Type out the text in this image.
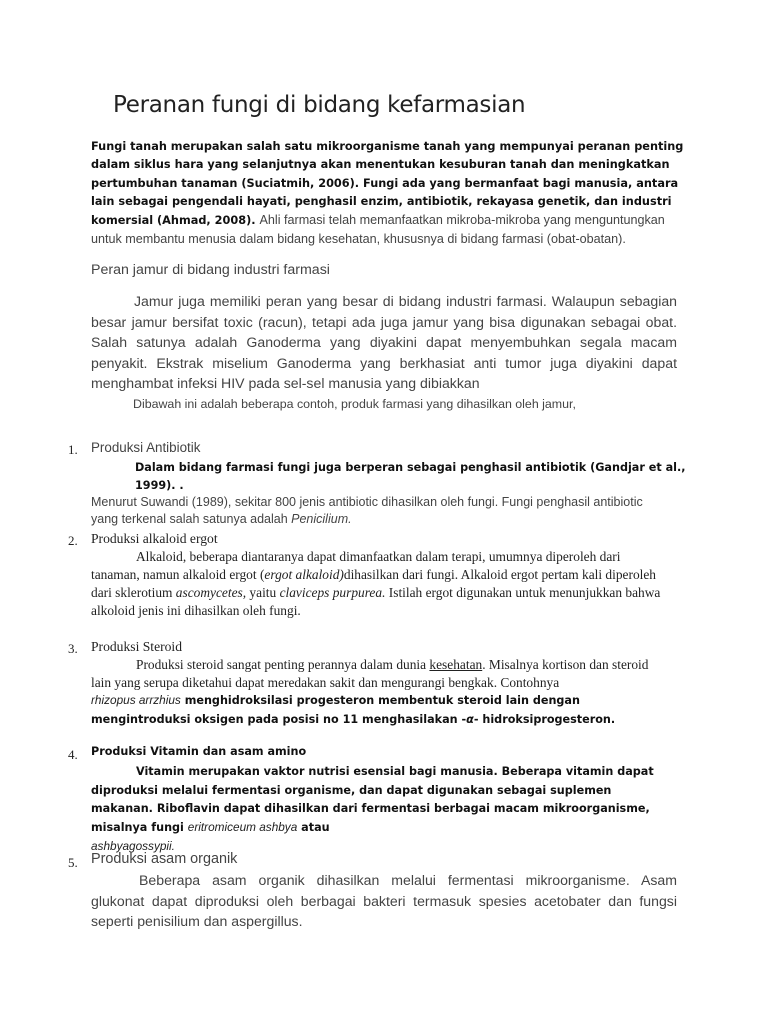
Peranan fungi di bidang kefarmasian
Fungi tanah merupakan salah satu mikroorganisme tanah yang mempunyai peranan penting dalam siklus hara yang selanjutnya akan menentukan kesuburan tanah dan meningkatkan pertumbuhan tanaman (Suciatmih, 2006). Fungi ada yang bermanfaat bagi manusia, antara lain sebagai pengendali hayati, penghasil enzim, antibiotik, rekayasa genetik, dan industri komersial (Ahmad, 2008). Ahli farmasi telah memanfaatkan mikroba-mikroba yang menguntungkan untuk membantu menusia dalam bidang kesehatan, khususnya di bidang farmasi (obat-obatan).
Peran jamur di bidang industri farmasi
Jamur juga memiliki peran yang besar di bidang industri farmasi. Walaupun sebagian besar jamur bersifat toxic (racun), tetapi ada juga jamur yang bisa digunakan sebagai obat. Salah satunya adalah Ganoderma yang diyakini dapat menyembuhkan segala macam penyakit. Ekstrak miselium Ganoderma yang berkhasiat anti tumor juga diyakini dapat menghambat infeksi HIV pada sel-sel manusia yang dibiakkan
Dibawah ini adalah beberapa contoh, produk farmasi yang dihasilkan oleh jamur,
1. Produksi Antibiotik
Dalam bidang farmasi fungi juga berperan sebagai penghasil antibiotik (Gandjar et al., 1999). .
Menurut Suwandi (1989), sekitar 800 jenis antibiotic dihasilkan oleh fungi. Fungi penghasil antibiotic yang terkenal salah satunya adalah Penicilium.
2. Produksi alkaloid ergot
Alkaloid, beberapa diantaranya dapat dimanfaatkan dalam terapi, umumnya diperoleh dari tanaman, namun alkaloid ergot (ergot alkaloid)dihasilkan dari fungi. Alkaloid ergot pertam kali diperoleh dari sklerotium ascomycetes, yaitu claviceps purpurea. Istilah ergot digunakan untuk menunjukkan bahwa alkoloid jenis ini dihasilkan oleh fungi.
3. Produksi Steroid
Produksi steroid sangat penting perannya dalam dunia kesehatan. Misalnya kortison dan steroid lain yang serupa diketahui dapat meredakan sakit dan mengurangi bengkak. Contohnya
rhizopus arrzhius menghidroksilasi progesteron membentuk steroid lain dengan mengintroduksi oksigen pada posisi no 11 menghasilakan -α- hidroksiprogesteron.
4. Produksi Vitamin dan asam amino
Vitamin merupakan vaktor nutrisi esensial bagi manusia. Beberapa vitamin dapat diproduksi melalui fermentasi organisme, dan dapat digunakan sebagai suplemen makanan. Riboflavin dapat dihasilkan dari fermentasi berbagai macam mikroorganisme, misalnya fungi eritromiceum ashbya atau
ashbyagossypii.
5. Produksi asam organik
Beberapa asam organik dihasilkan melalui fermentasi mikroorganisme. Asam glukonat dapat diproduksi oleh berbagai bakteri termasuk spesies acetobater dan fungsi seperti penisilium dan aspergillus.
